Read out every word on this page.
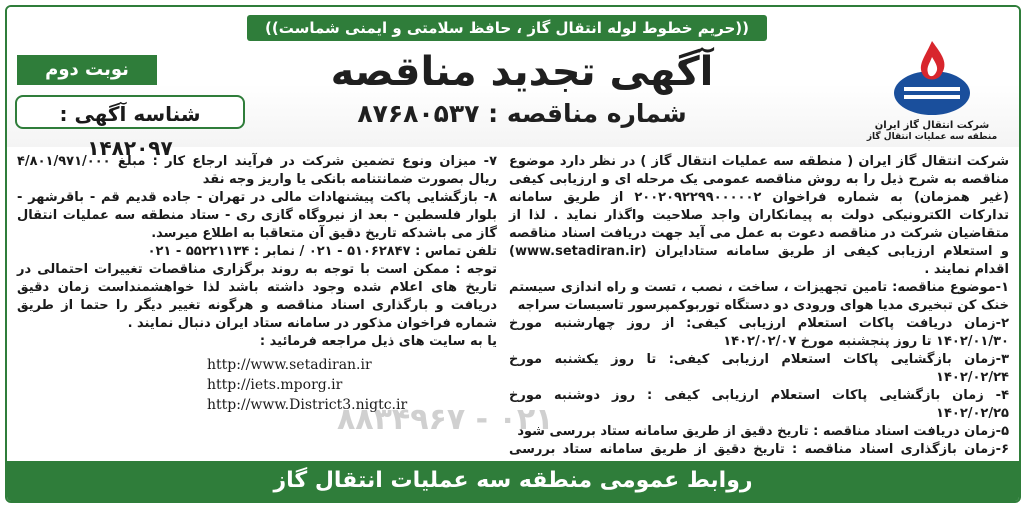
((حریم خطوط لوله انتقال گاز ، حافظ سلامتی و ایمنی شماست))
آگهی تجدید مناقصه
شماره مناقصه : ۸۷۶۸۰۵۳۷
نوبت دوم
شناسه آگهی : ۱۴۸۲۰۹۷
شرکت انتقال گاز ایران
منطقه سه عملیات انتقال گاز

شرکت انتقال گاز ایران ( منطقه سه عملیات انتقال گاز ) در نظر دارد موضوع مناقصه به شرح ذیل را به روش مناقصه عمومی یک مرحله ای و ارزیابی کیفی (غیر همزمان) به شماره فراخوان ۲۰۰۲۰۹۲۲۹۹۰۰۰۰۰۲ از طریق سامانه تدارکات الکترونیکی دولت به پیمانکاران واجد صلاحیت واگذار نماید . لذا از متقاضیان شرکت در مناقصه دعوت به عمل می آید جهت دریافت اسناد مناقصه و استعلام ارزیابی کیفی از طریق سامانه ستادایران (www.setadiran.ir) اقدام نمایند .

۱-موضوع مناقصه: تامین تجهیزات ، ساخت ، نصب ، تست و راه اندازی سیستم خنک کن تبخیری مدیا هوای ورودی دو دستگاه توربوکمپرسور تاسیسات سراجه

۲-زمان دریافت پاکات استعلام ارزیابی کیفی: از روز چهارشنبه مورخ ۱۴۰۲/۰۱/۳۰ تا روز پنجشنبه مورخ ۱۴۰۲/۰۲/۰۷

۳-زمان بازگشایی پاکات استعلام ارزیابی کیفی: تا روز یکشنبه مورخ ۱۴۰۲/۰۲/۲۴

۴- زمان بازگشایی پاکات استعلام ارزیابی کیفی : روز دوشنبه مورخ ۱۴۰۲/۰۲/۲۵

۵-زمان دریافت اسناد مناقصه : تاریخ دقیق از طریق سامانه ستاد بررسی شود

۶-زمان بازگذاری اسناد مناقصه : تاریخ دقیق از طریق سامانه ستاد بررسی

۷- میزان ونوع تضمین شرکت در فرآیند ارجاع کار : مبلغ ۴/۸۰۱/۹۷۱/۰۰۰ ریال بصورت ضمانتنامه بانکی یا واریز وجه نقد

۸- بازگشایی پاکت پیشنهادات مالی در تهران - جاده قدیم قم - باقرشهر - بلوار فلسطین - بعد از نیروگاه گازی ری - ستاد منطقه سه عملیات انتقال گاز می باشدکه تاریخ دقیق آن متعاقبا به اطلاع میرسد.

تلفن تماس : ۵۱۰۶۲۸۴۷ - ۰۲۱ / نمابر : ۵۵۲۲۱۱۳۴ - ۰۲۱

توجه : ممکن است با توجه به روند برگزاری مناقصات تغییرات احتمالی در تاریخ های اعلام شده وجود داشته باشد لذا خواهشمنداست زمان دقیق دریافت و بارگذاری اسناد مناقصه و هرگونه تغییر دیگر را حتما از طریق شماره فراخوان مذکور در سامانه ستاد ایران دنبال نمایند .

یا به سایت های ذیل مراجعه فرمائید :

http://www.setadiran.ir
http://iets.mporg.ir
http://www.District3.nigtc.ir
۰۲۱ - ۸۸۳۴۹۶۷
روابط عمومی منطقه سه عملیات انتقال گاز
